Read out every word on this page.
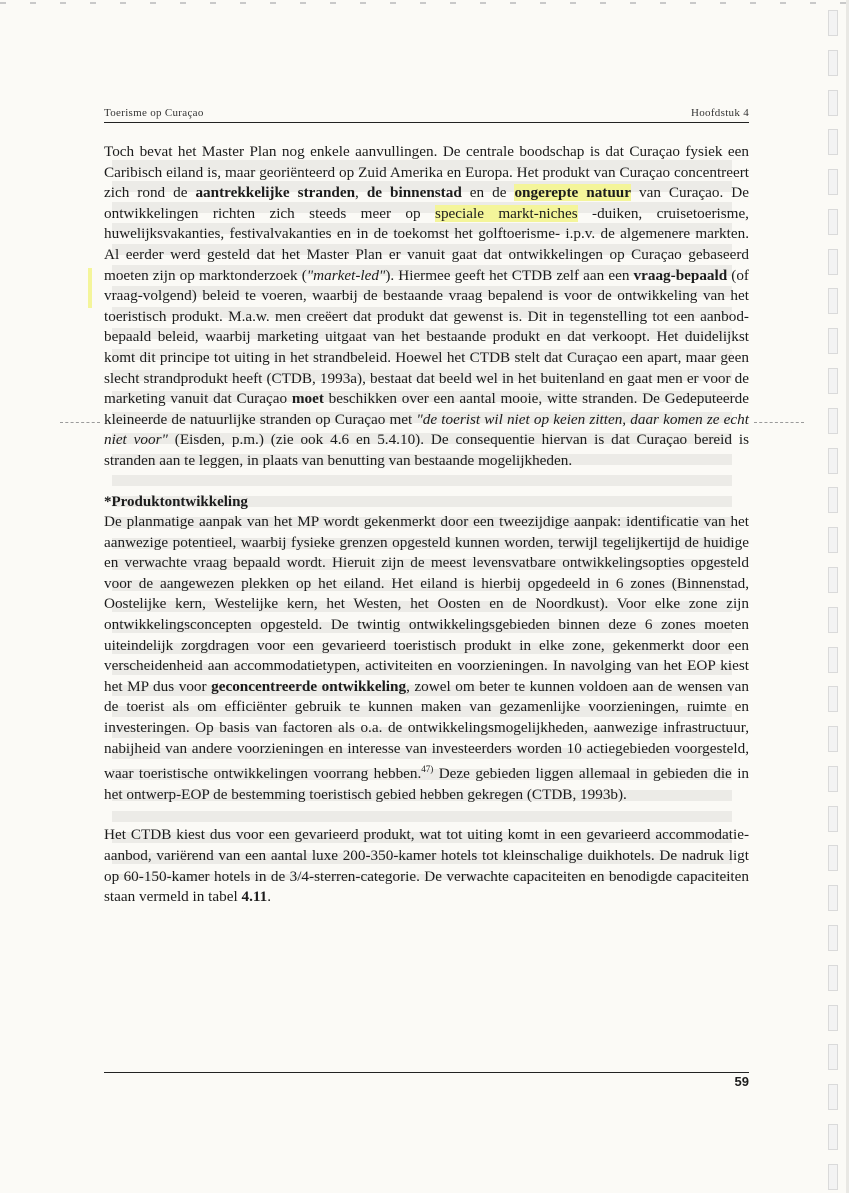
Toerisme op Curaçao	Hoofdstuk 4

Toch bevat het Master Plan nog enkele aanvullingen. De centrale boodschap is dat Curaçao fysiek een Caribisch eiland is, maar georiënteerd op Zuid Amerika en Europa. Het produkt van Curaçao concentreert zich rond de aantrekkelijke stranden, de binnenstad en de ongerepte natuur van Curaçao. De ontwikkelingen richten zich steeds meer op speciale markt-niches -duiken, cruisetoerisme, huwelijksvakanties, festivalvakanties en in de toekomst het golftoerisme- i.p.v. de algemenere markten. Al eerder werd gesteld dat het Master Plan er vanuit gaat dat ontwikkelingen op Curaçao gebaseerd moeten zijn op marktonderzoek ("market-led"). Hiermee geeft het CTDB zelf aan een vraag-bepaald (of vraag-volgend) beleid te voeren, waarbij de bestaande vraag bepalend is voor de ontwikkeling van het toeristisch produkt. M.a.w. men creëert dat produkt dat gewenst is. Dit in tegenstelling tot een aanbod-bepaald beleid, waarbij marketing uitgaat van het bestaande produkt en dat verkoopt. Het duidelijkst komt dit principe tot uiting in het strandbeleid. Hoewel het CTDB stelt dat Curaçao een apart, maar geen slecht strandprodukt heeft (CTDB, 1993a), bestaat dat beeld wel in het buitenland en gaat men er voor de marketing vanuit dat Curaçao moet beschikken over een aantal mooie, witte stranden. De Gedeputeerde kleineerde de natuurlijke stranden op Curaçao met "de toerist wil niet op keien zitten, daar komen ze echt niet voor" (Eisden, p.m.) (zie ook 4.6 en 5.4.10). De consequentie hiervan is dat Curaçao bereid is stranden aan te leggen, in plaats van benutting van bestaande mogelijkheden.

*Produktontwikkeling

De planmatige aanpak van het MP wordt gekenmerkt door een tweezijdige aanpak: identificatie van het aanwezige potentieel, waarbij fysieke grenzen opgesteld kunnen worden, terwijl tegelijkertijd de huidige en verwachte vraag bepaald wordt. Hieruit zijn de meest levensvatbare ontwikkelingsopties opgesteld voor de aangewezen plekken op het eiland. Het eiland is hierbij opgedeeld in 6 zones (Binnenstad, Oostelijke kern, Westelijke kern, het Westen, het Oosten en de Noordkust). Voor elke zone zijn ontwikkelingsconcepten opgesteld. De twintig ontwikkelingsgebieden binnen deze 6 zones moeten uiteindelijk zorgdragen voor een gevarieerd toeristisch produkt in elke zone, gekenmerkt door een verscheidenheid aan accommodatietypen, activiteiten en voorzieningen. In navolging van het EOP kiest het MP dus voor geconcentreerde ontwikkeling, zowel om beter te kunnen voldoen aan de wensen van de toerist als om efficiënter gebruik te kunnen maken van gezamenlijke voorzieningen, ruimte en investeringen. Op basis van factoren als o.a. de ontwikkelingsmogelijkheden, aanwezige infrastructuur, nabijheid van andere voorzieningen en interesse van investeerders worden 10 actiegebieden voorgesteld, waar toeristische ontwikkelingen voorrang hebben.$^{47)}$ Deze gebieden liggen allemaal in gebieden die in het ontwerp-EOP de bestemming toeristisch gebied hebben gekregen (CTDB, 1993b).

Het CTDB kiest dus voor een gevarieerd produkt, wat tot uiting komt in een gevarieerd accommodatie-aanbod, variërend van een aantal luxe 200-350-kamer hotels tot kleinschalige duikhotels. De nadruk ligt op 60-150-kamer hotels in de 3/4-sterren-categorie. De verwachte capaciteiten en benodigde capaciteiten staan vermeld in tabel 4.11.

59
